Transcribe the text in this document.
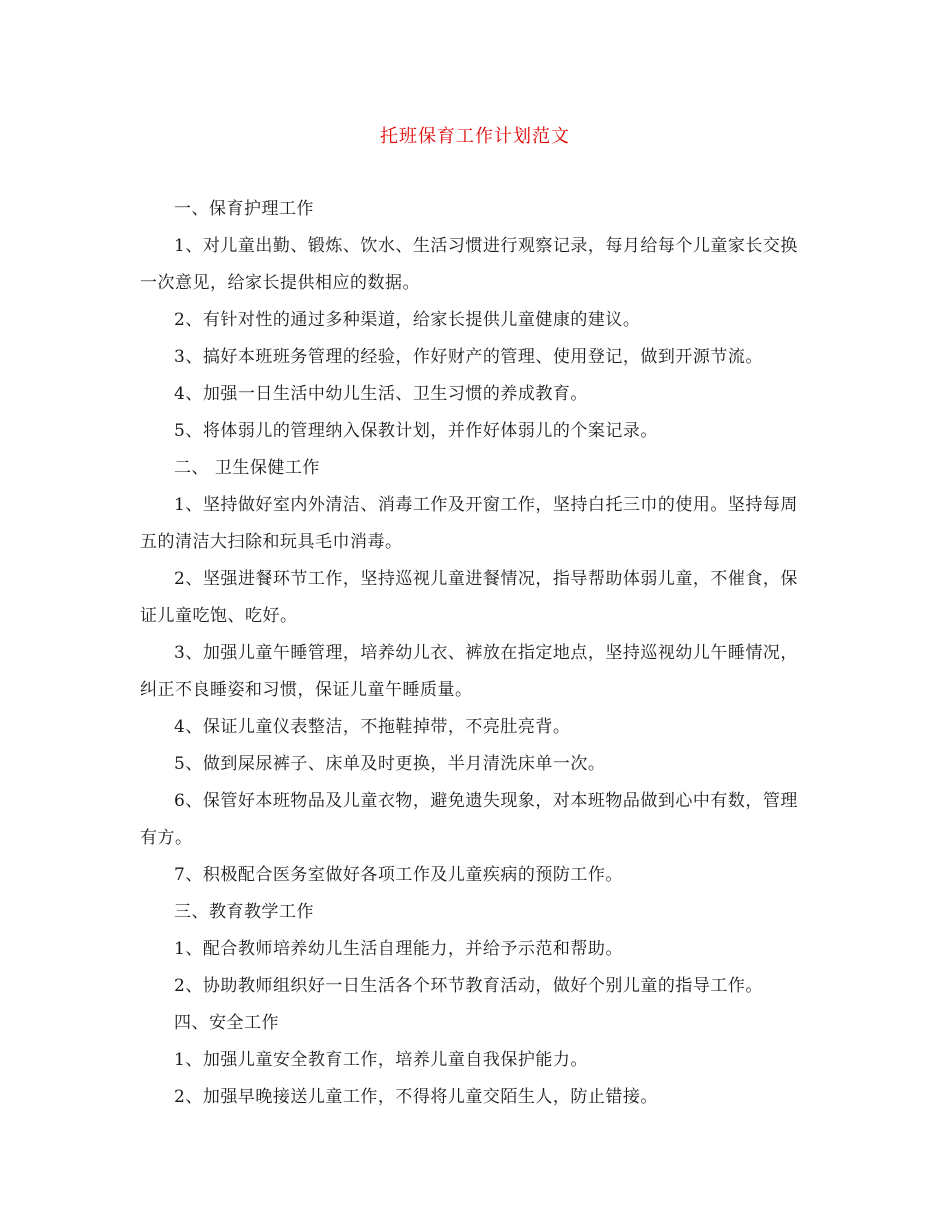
托班保育工作计划范文

一、保育护理工作

1、对儿童出勤、锻炼、饮水、生活习惯进行观察记录，每月给每个儿童家长交换一次意见，给家长提供相应的数据。

2、有针对性的通过多种渠道，给家长提供儿童健康的建议。

3、搞好本班班务管理的经验，作好财产的管理、使用登记，做到开源节流。

4、加强一日生活中幼儿生活、卫生习惯的养成教育。

5、将体弱儿的管理纳入保教计划，并作好体弱儿的个案记录。

二、 卫生保健工作

1、坚持做好室内外清洁、消毒工作及开窗工作，坚持白托三巾的使用。坚持每周五的清洁大扫除和玩具毛巾消毒。

2、坚强进餐环节工作，坚持巡视儿童进餐情况，指导帮助体弱儿童，不催食，保证儿童吃饱、吃好。

3、加强儿童午睡管理，培养幼儿衣、裤放在指定地点，坚持巡视幼儿午睡情况，纠正不良睡姿和习惯，保证儿童午睡质量。

4、保证儿童仪表整洁，不拖鞋掉带，不亮肚亮背。

5、做到屎尿裤子、床单及时更换，半月清洗床单一次。

6、保管好本班物品及儿童衣物，避免遗失现象，对本班物品做到心中有数，管理有方。

7、积极配合医务室做好各项工作及儿童疾病的预防工作。

三、教育教学工作

1、配合教师培养幼儿生活自理能力，并给予示范和帮助。

2、协助教师组织好一日生活各个环节教育活动，做好个别儿童的指导工作。

四、安全工作

1、加强儿童安全教育工作，培养儿童自我保护能力。

2、加强早晚接送儿童工作，不得将儿童交陌生人，防止错接。
